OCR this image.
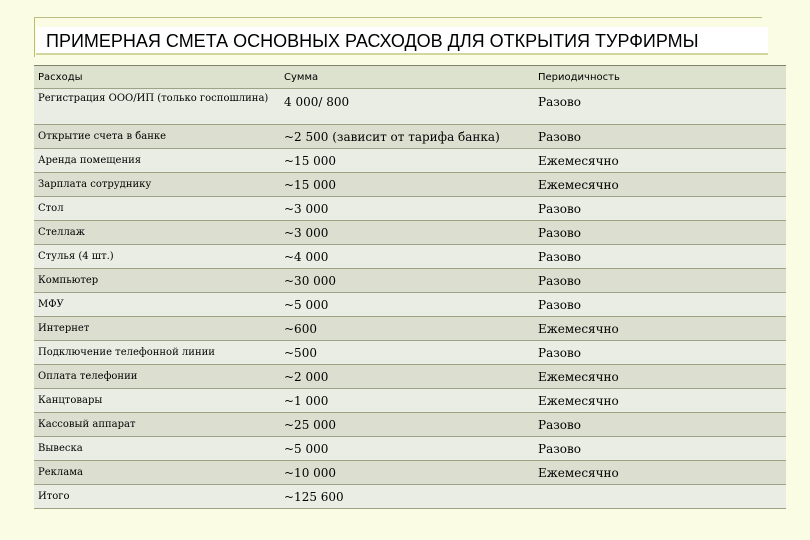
ПРИМЕРНАЯ СМЕТА ОСНОВНЫХ РАСХОДОВ ДЛЯ ОТКРЫТИЯ ТУРФИРМЫ
Расходы	Сумма	Периодичность
Регистрация ООО/ИП (только госпошлина)	4 000/ 800	Разово
Открытие счета в банке	~2 500 (зависит от тарифа банка)	Разово
Аренда помещения	~15 000	Ежемесячно
Зарплата сотруднику	~15 000	Ежемесячно
Стол	~3 000	Разово
Стеллаж	~3 000	Разово
Стулья (4 шт.)	~4 000	Разово
Компьютер	~30 000	Разово
МФУ	~5 000	Разово
Интернет	~600	Ежемесячно
Подключение телефонной линии	~500	Разово
Оплата телефонии	~2 000	Ежемесячно
Канцтовары	~1 000	Ежемесячно
Кассовый аппарат	~25 000	Разово
Вывеска	~5 000	Разово
Реклама	~10 000	Ежемесячно
Итого	~125 600	
